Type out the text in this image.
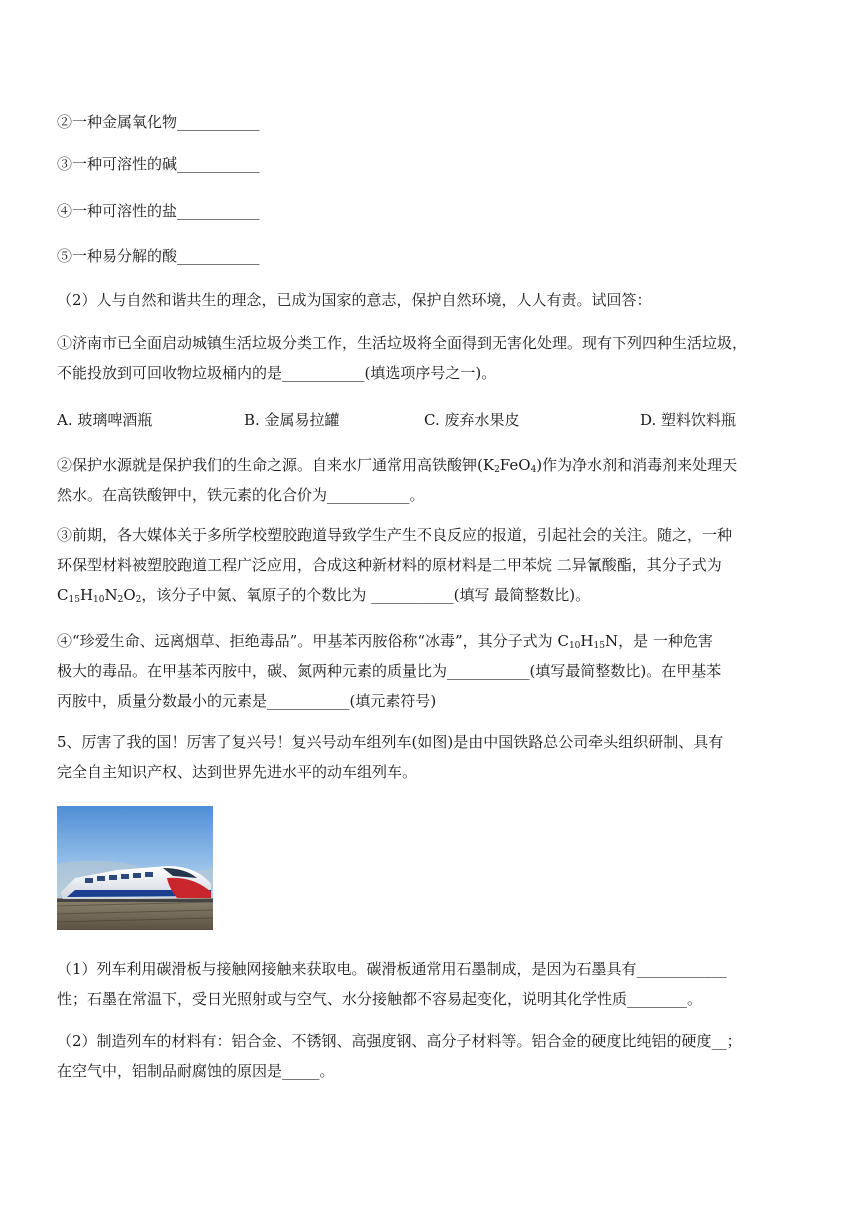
②一种金属氧化物___________
③一种可溶性的碱___________
④一种可溶性的盐___________
⑤一种易分解的酸___________
（2）人与自然和谐共生的理念，已成为国家的意志，保护自然环境，人人有责。试回答：
①济南市已全面启动城镇生活垃圾分类工作，生活垃圾将全面得到无害化处理。现有下列四种生活垃圾，
不能投放到可回收物垃圾桶内的是___________(填选项序号之一)。
A. 玻璃啤酒瓶	B. 金属易拉罐	C. 废弃水果皮	D. 塑料饮料瓶
②保护水源就是保护我们的生命之源。自来水厂通常用高铁酸钾$(K_2FeO_4)$作为净水剂和消毒剂来处理天
然水。在高铁酸钾中，铁元素的化合价为___________。
③前期，各大媒体关于多所学校塑胶跑道导致学生产生不良反应的报道，引起社会的关注。随之，一种
环保型材料被塑胶跑道工程广泛应用，合成这种新材料的原材料是二甲苯烷 二异氰酸酯，其分子式为
$C_{15}H_{10}N_2O_2$，该分子中氮、氧原子的个数比为 ___________(填写 最简整数比)。
④“珍爱生命、远离烟草、拒绝毒品”。甲基苯丙胺俗称“冰毒”，其分子式为 $C_{10}H_{15}N$，是 一种危害
极大的毒品。在甲基苯丙胺中，碳、氮两种元素的质量比为___________(填写最简整数比)。在甲基苯
丙胺中，质量分数最小的元素是___________(填元素符号)
5、厉害了我的国！厉害了复兴号！复兴号动车组列车(如图)是由中国铁路总公司牵头组织研制、具有
完全自主知识产权、达到世界先进水平的动车组列车。
（1）列车利用碳滑板与接触网接触来获取电。碳滑板通常用石墨制成，是因为石墨具有____________
性；石墨在常温下，受日光照射或与空气、水分接触都不容易起变化，说明其化学性质________。
（2）制造列车的材料有：铝合金、不锈钢、高强度钢、高分子材料等。铝合金的硬度比纯铝的硬度__；
在空气中，铝制品耐腐蚀的原因是_____。
